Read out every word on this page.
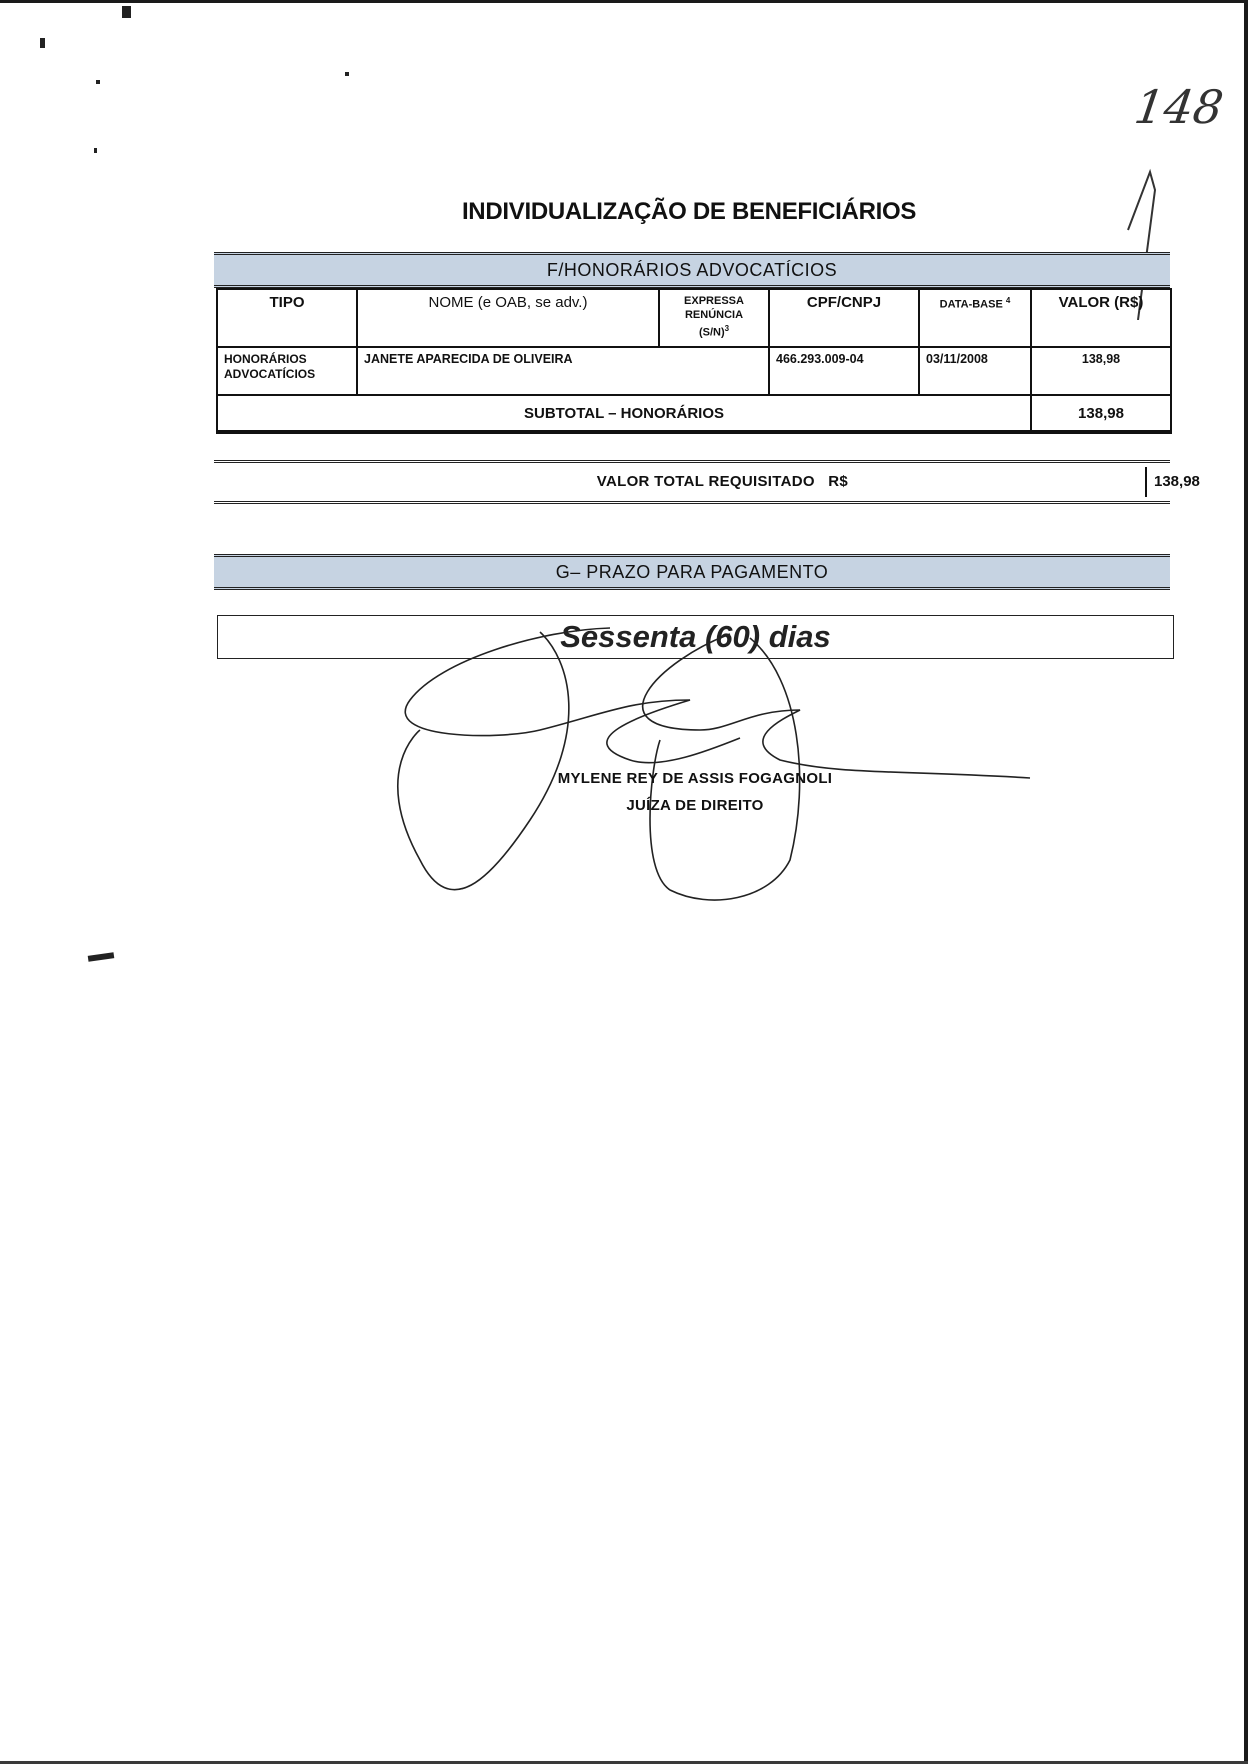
148
INDIVIDUALIZAÇÃO DE BENEFICIÁRIOS
F/HONORÁRIOS ADVOCATÍCIOS
TIPO	NOME (e OAB, se adv.)	EXPRESSA
RENÚNCIA
$(S/N)^3$	CPF/CNPJ	DATA-BASE $^4$	VALOR (R$)
HONORÁRIOS
ADVOCATÍCIOS	JANETE APARECIDA DE OLIVEIRA		466.293.009-04	03/11/2008	138,98
SUBTOTAL – HONORÁRIOS					138,98
VALOR TOTAL REQUISITADO   R$	138,98
G– PRAZO PARA PAGAMENTO
Sessenta (60) dias
MYLENE REY DE ASSIS FOGAGNOLI
JUÍZA DE DIREITO
